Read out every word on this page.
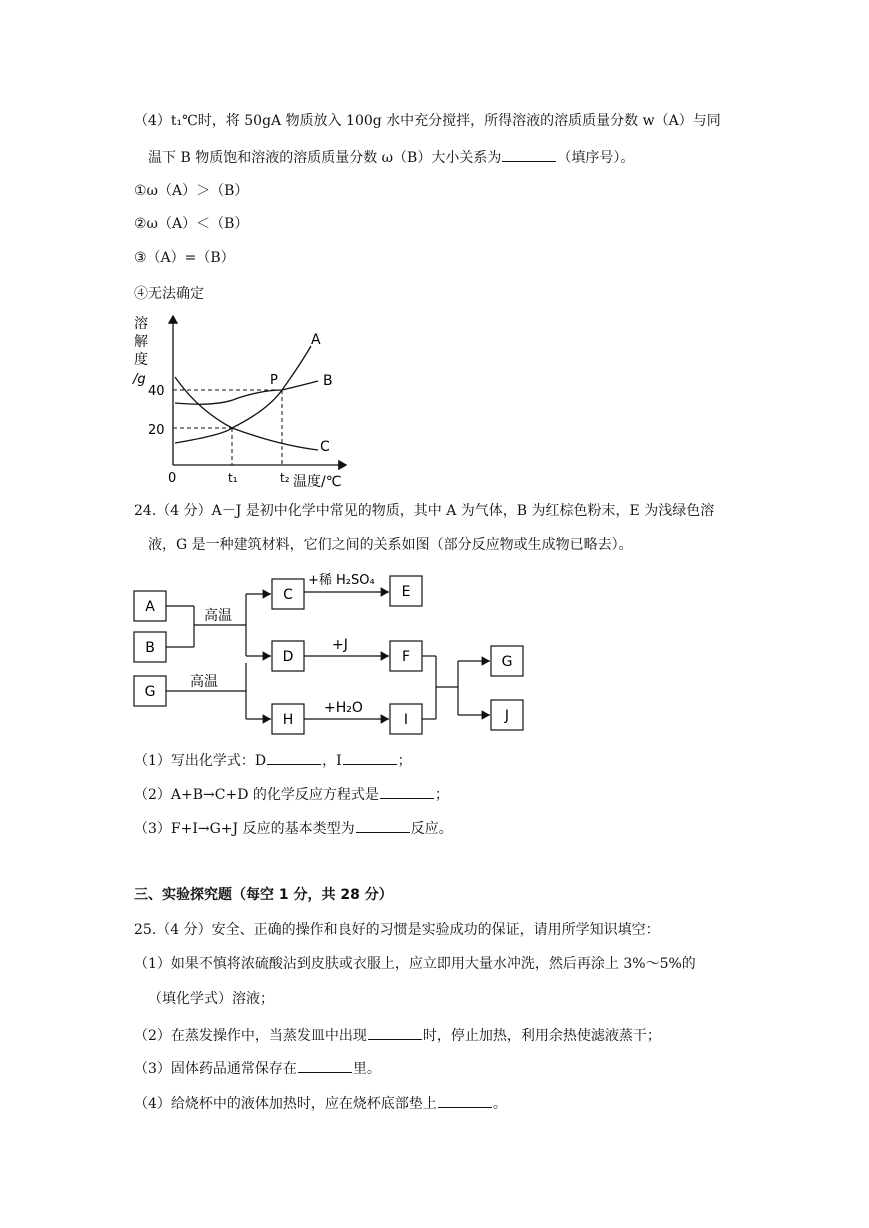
（4）t₁℃时，将 50gA 物质放入 100g 水中充分搅拌，所得溶液的溶质质量分数 w（A）与同
温下 B 物质饱和溶液的溶质质量分数 ω（B）大小关系为	（填序号）。
①ω（A）＞（B）
②ω（A）＜（B）
③（A）=（B）
④无法确定
溶
解
度
/g
40
20
0	t₁	t₂ 温度/℃
A
B
C
P
24.（4 分）A－J 是初中化学中常见的物质，其中 A 为气体，B 为红棕色粉末，E 为浅绿色溶
液，G 是一种建筑材料，它们之间的关系如图（部分反应物或生成物已略去）。
A
B
C
D
E
F
G
H	I
G
J
高温
高温
+稀 H₂SO₄
+J
+H₂O
（1）写出化学式：D	，I	；
（2）A+B→C+D 的化学反应方程式是	；
（3）F+I→G+J 反应的基本类型为	反应。
三、实验探究题（每空 1 分，共 28 分）
25.（4 分）安全、正确的操作和良好的习惯是实验成功的保证，请用所学知识填空：
（1）如果不慎将浓硫酸沾到皮肤或衣服上，应立即用大量水冲洗，然后再涂上 3%～5%的
（填化学式）溶液；
（2）在蒸发操作中，当蒸发皿中出现	时，停止加热，利用余热使滤液蒸干；
（3）固体药品通常保存在	里。
（4）给烧杯中的液体加热时，应在烧杯底部垫上	。
